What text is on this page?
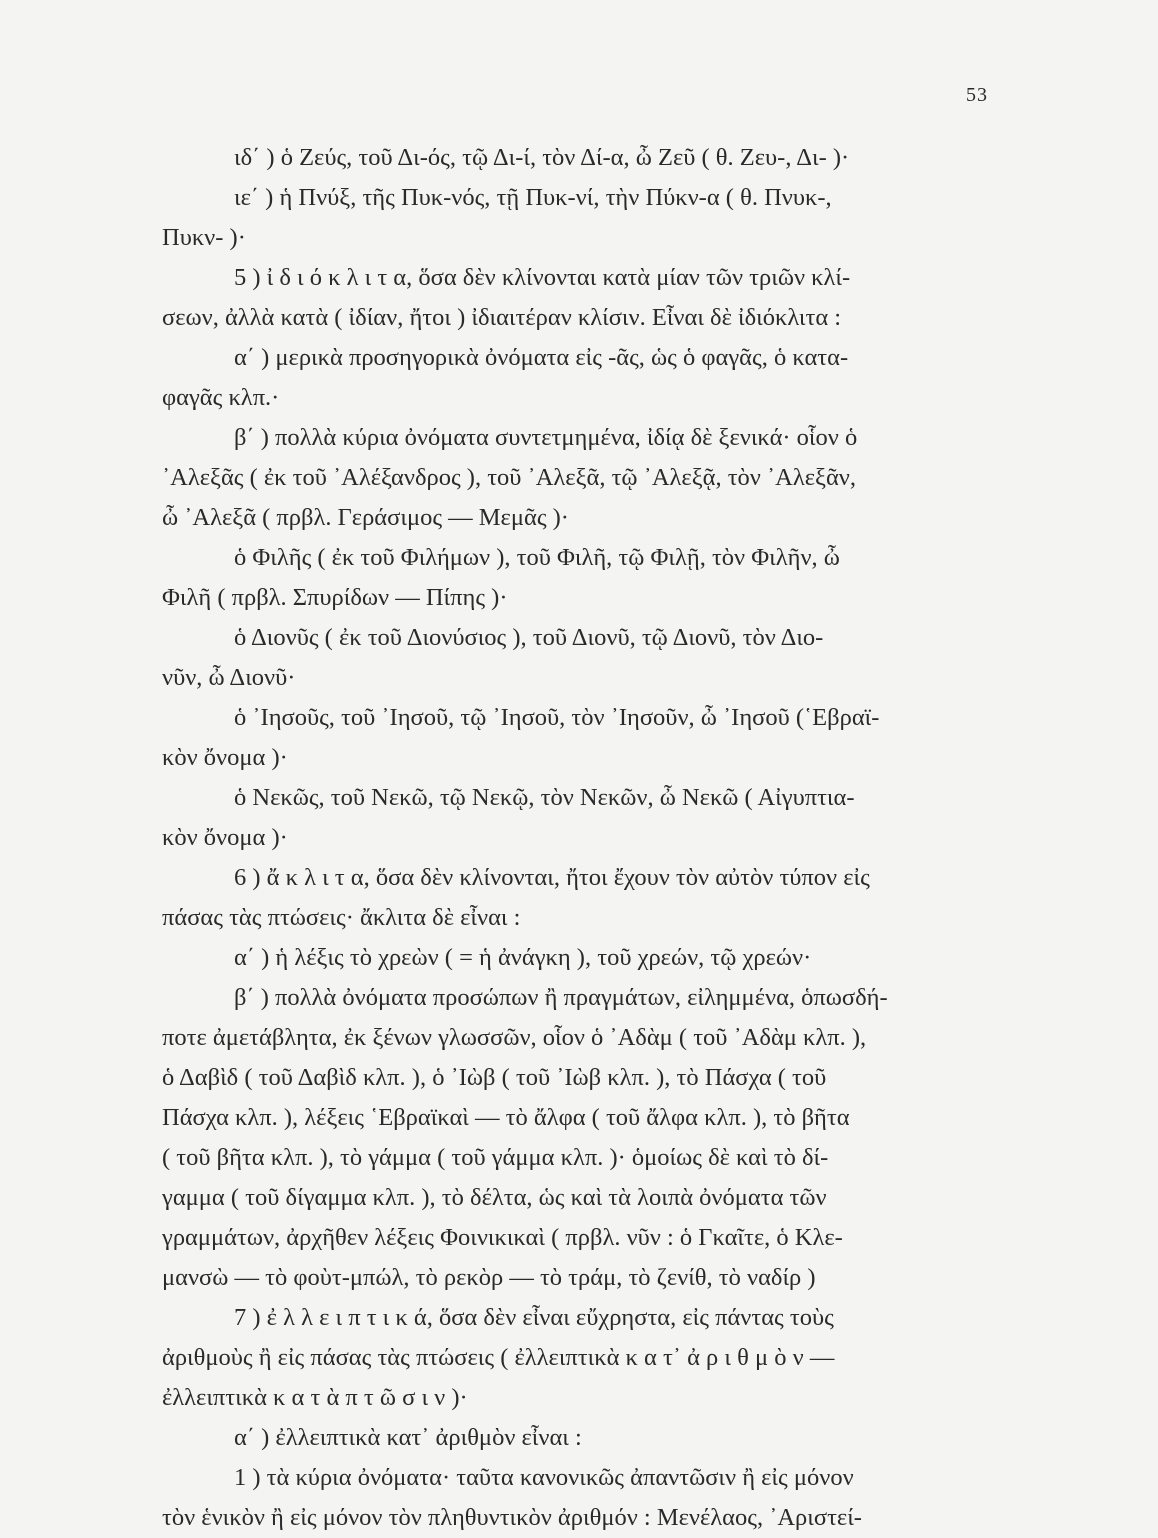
53

ιδ΄ ) ὁ Ζεύς, τοῦ Δι-ός, τῷ Δι-ί, τὸν Δί-α, ὦ Ζεῦ ( θ. Ζευ-, Δι- )·

ιε΄ ) ἡ Πνύξ, τῆς Πυκ-νός, τῇ Πυκ-νί, τὴν Πύκν-α ( θ. Πνυκ-,

Πυκν- )·

5 ) ἰ δ ι ό κ λ ι τ α, ὅσα δὲν κλίνονται κατὰ μίαν τῶν τριῶν κλί-

σεων, ἀλλὰ κατὰ ( ἰδίαν, ἤτοι ) ἰδιαιτέραν κλίσιν. Εἶναι δὲ ἰδιόκλιτα :

α΄ ) μερικὰ προσηγορικὰ ὀνόματα εἰς -ᾶς, ὡς ὁ φαγᾶς, ὁ κατα-

φαγᾶς κλπ.·

β΄ ) πολλὰ κύρια ὀνόματα συντετμημένα, ἰδίᾳ δὲ ξενικά· οἷον ὁ

᾿Αλεξᾶς ( ἐκ τοῦ ᾿Αλέξανδρος ), τοῦ ᾿Αλεξᾶ, τῷ ᾿Αλεξᾷ, τὸν ᾿Αλεξᾶν,

ὦ ᾿Αλεξᾶ ( πρβλ. Γεράσιμος — Μεμᾶς )·

ὁ Φιλῆς ( ἐκ τοῦ Φιλήμων ), τοῦ Φιλῆ, τῷ Φιλῇ, τὸν Φιλῆν, ὦ

Φιλῆ ( πρβλ. Σπυρίδων — Πίπης )·

ὁ Διονῦς ( ἐκ τοῦ Διονύσιος ), τοῦ Διονῦ, τῷ Διονῦ, τὸν Διο-

νῦν, ὦ Διονῦ·

ὁ ᾿Ιησοῦς, τοῦ ᾿Ιησοῦ, τῷ ᾿Ιησοῦ, τὸν ᾿Ιησοῦν, ὦ ᾿Ιησοῦ (῾Εβραϊ-

κὸν ὄνομα )·

ὁ Νεκῶς, τοῦ Νεκῶ, τῷ Νεκῷ, τὸν Νεκῶν, ὦ Νεκῶ ( Αἰγυπτια-

κὸν ὄνομα )·

6 ) ἄ κ λ ι τ α, ὅσα δὲν κλίνονται, ἤτοι ἔχουν τὸν αὐτὸν τύπον εἰς

πάσας τὰς πτώσεις· ἄκλιτα δὲ εἶναι :

α΄ ) ἡ λέξις τὸ χρεὼν ( = ἡ ἀνάγκη ), τοῦ χρεών, τῷ χρεών·

β΄ ) πολλὰ ὀνόματα προσώπων ἢ πραγμάτων, εἰλημμένα, ὁπωσδή-

ποτε ἀμετάβλητα, ἐκ ξένων γλωσσῶν, οἷον ὁ ᾿Αδὰμ ( τοῦ ᾿Αδὰμ κλπ. ),

ὁ Δαβὶδ ( τοῦ Δαβὶδ κλπ. ), ὁ ᾿Ιὼβ ( τοῦ ᾿Ιὼβ κλπ. ), τὸ Πάσχα ( τοῦ

Πάσχα κλπ. ), λέξεις ῾Εβραϊκαὶ — τὸ ἄλφα ( τοῦ ἄλφα κλπ. ), τὸ βῆτα

( τοῦ βῆτα κλπ. ), τὸ γάμμα ( τοῦ γάμμα κλπ. )· ὁμοίως δὲ καὶ τὸ δί-

γαμμα ( τοῦ δίγαμμα κλπ. ), τὸ δέλτα, ὡς καὶ τὰ λοιπὰ ὀνόματα τῶν

γραμμάτων, ἀρχῆθεν λέξεις Φοινικικαὶ ( πρβλ. νῦν : ὁ Γκαῖτε, ὁ Κλε-

μανσὼ — τὸ φοὺτ-μπώλ, τὸ ρεκὸρ — τὸ τράμ, τὸ ζενίθ, τὸ ναδίρ )

7 ) ἐ λ λ ε ι π τ ι κ ά, ὅσα δὲν εἶναι εὔχρηστα, εἰς πάντας τοὺς

ἀριθμοὺς ἢ εἰς πάσας τὰς πτώσεις ( ἐλλειπτικὰ κ α τ᾿ ἀ ρ ι θ μ ὸ ν —

ἐλλειπτικὰ κ α τ ὰ π τ ῶ σ ι ν )·

α΄ ) ἐλλειπτικὰ κατ᾿ ἀριθμὸν εἶναι :

1 ) τὰ κύρια ὀνόματα· ταῦτα κανονικῶς ἀπαντῶσιν ἢ εἰς μόνον

τὸν ἑνικὸν ἢ εἰς μόνον τὸν πληθυντικὸν ἀριθμόν : Μενέλαος, ᾿Αριστεί-
